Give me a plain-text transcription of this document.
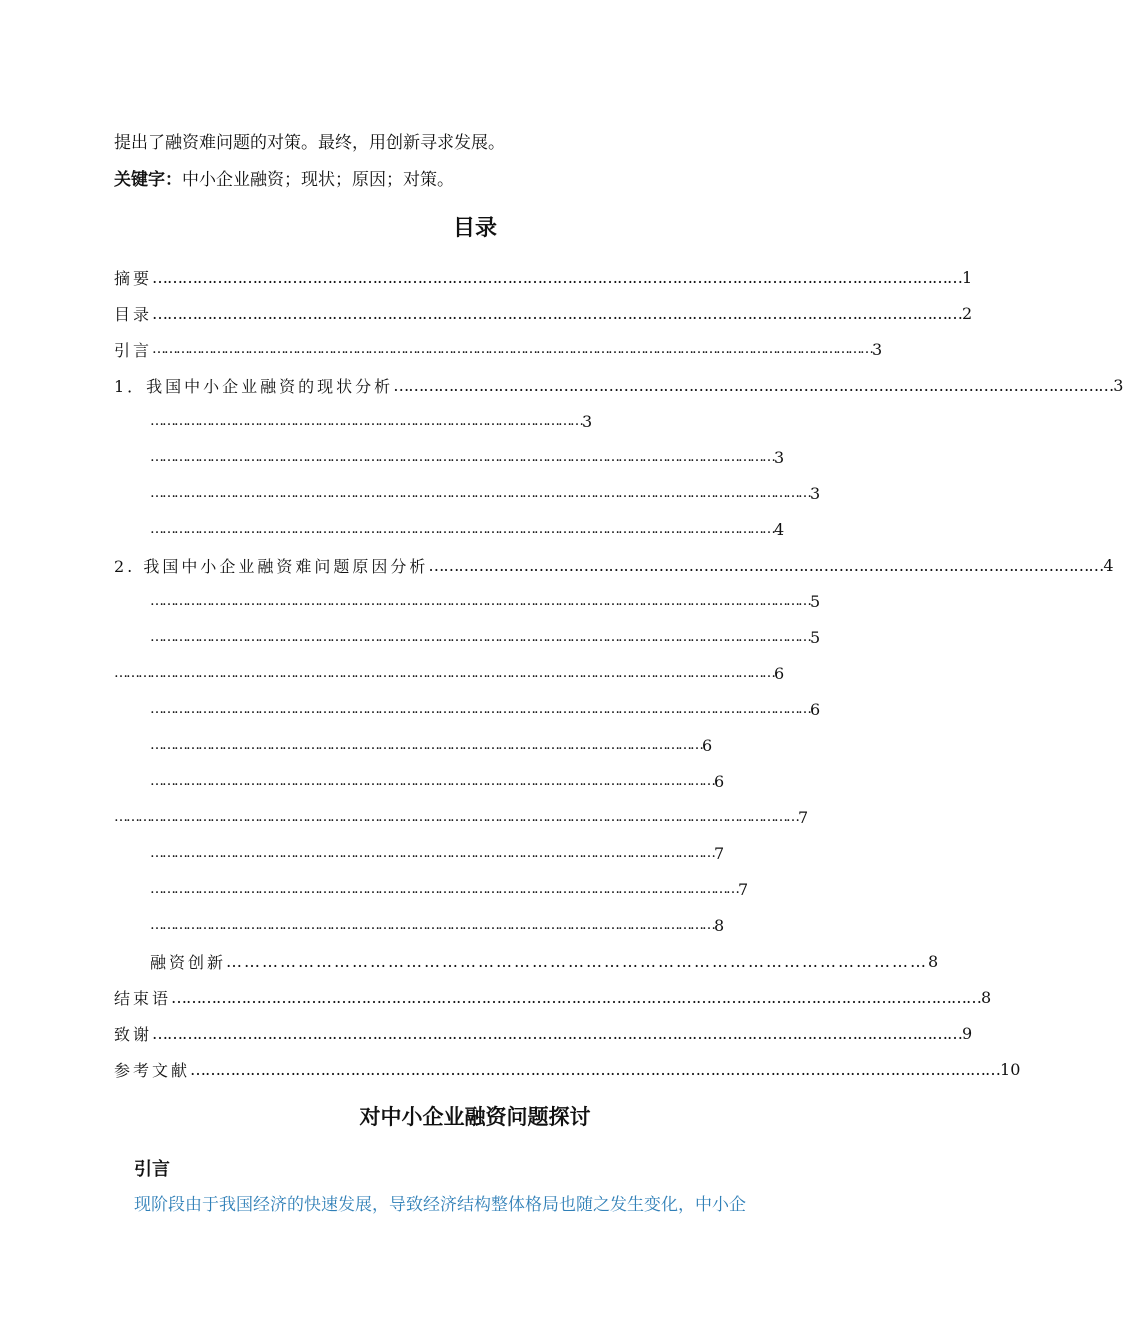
提出了融资难问题的对策。最终，用创新寻求发展。
关键字：中小企业融资；现状；原因；对策。
目录
摘要 ……………………………………………………………………………………………………………………………………………… 1
目录 ……………………………………………………………………………………………………………………………………………… 2
引言 ……………………………………………………………………………………………………………………………………………………………… 3
1．我国中小企业融资的现状分析 ……………………………………………………………………………………………………………………………… 3
……………………………………………………………………………………………… 3
………………………………………………………………………………………………………………………………………… 3
………………………………………………………………………………………………………………………………………………… 3
………………………………………………………………………………………………………………………………………… 4
2. 我国中小企业融资难问题原因分析 ……………………………………………………………………………………………………………………… 4
………………………………………………………………………………………………………………………………………………… 5
………………………………………………………………………………………………………………………………………………… 5
………………………………………………………………………………………………………………………………………………… 6
………………………………………………………………………………………………………………………………………………… 6
………………………………………………………………………………………………………………………… 6
…………………………………………………………………………………………………………………………… 6
……………………………………………………………………………………………………………………………………………………… 7
…………………………………………………………………………………………………………………………… 7
………………………………………………………………………………………………………………………………… 7
…………………………………………………………………………………………………………………………… 8
融资创新 ……………………………………………………………………………………………………… 8
结束语 ……………………………………………………………………………………………………………………………………………… 8
致谢 ……………………………………………………………………………………………………………………………………………… 9
参考文献 ……………………………………………………………………………………………………………………………………………… 10
对中小企业融资问题探讨
引言
现阶段由于我国经济的快速发展，导致经济结构整体格局也随之发生变化，中小企
